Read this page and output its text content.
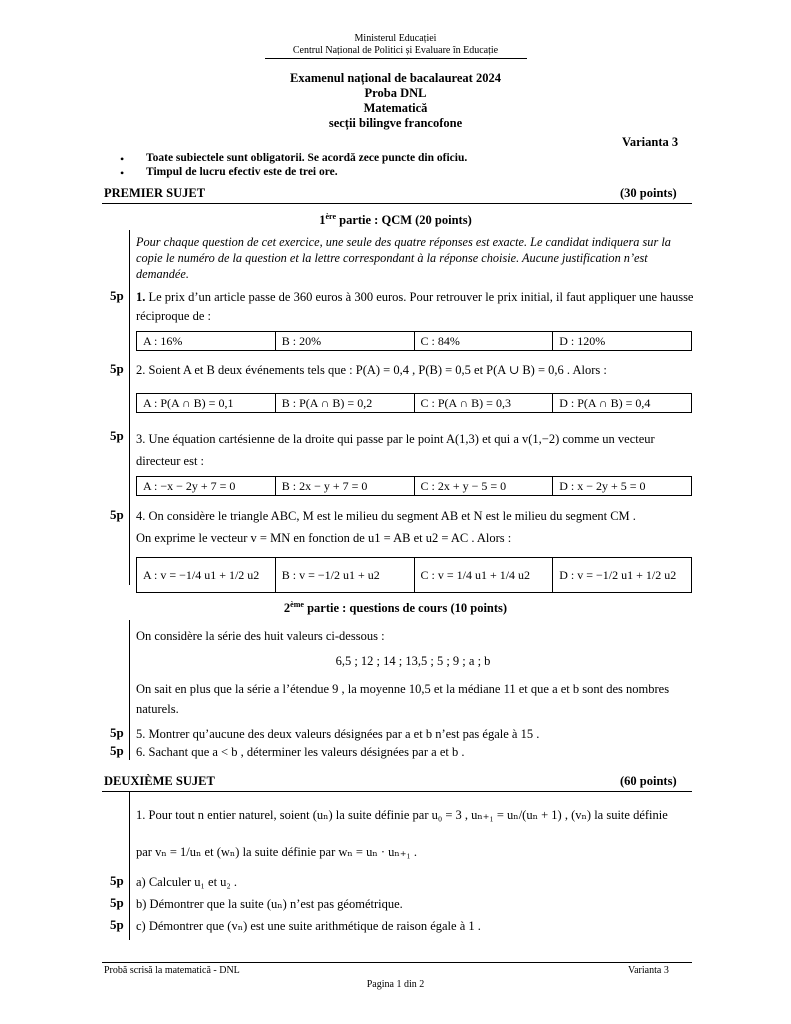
Ministerul Educației
Centrul Național de Politici și Evaluare în Educație
Examenul național de bacalaureat 2024
Proba DNL
Matematică
secții bilingve francofone
Varianta 3
• Toate subiectele sunt obligatorii. Se acordă zece puncte din oficiu.
• Timpul de lucru efectiv este de trei ore.
PREMIER SUJET	(30 points)
1ère partie : QCM (20 points)
Pour chaque question de cet exercice, une seule des quatre réponses est exacte. Le candidat indiquera sur la copie le numéro de la question et la lettre correspondant à la réponse choisie. Aucune justification n’est demandée.
5p 1. Le prix d’un article passe de 360 euros à 300 euros. Pour retrouver le prix initial, il faut appliquer une hausse réciproque de :
A : 16%	B : 20%	C : 84%	D : 120%
5p 2. Soient A et B deux événements tels que : P(A) = 0,4 , P(B) = 0,5 et P(A ∪ B) = 0,6 . Alors :
A : P(A ∩ B) = 0,1	B : P(A ∩ B) = 0,2	C : P(A ∩ B) = 0,3	D : P(A ∩ B) = 0,4
5p 3. Une équation cartésienne de la droite qui passe par le point A(1,3) et qui a v(1,−2) comme un vecteur directeur est :
A : −x − 2y + 7 = 0	B : 2x − y + 7 = 0	C : 2x + y − 5 = 0	D : x − 2y + 5 = 0
5p 4. On considère le triangle ABC, M est le milieu du segment AB et N est le milieu du segment CM .
On exprime le vecteur v = MN en fonction de u1 = AB et u2 = AC . Alors :
A : v = −1/4 u1 + 1/2 u2	B : v = −1/2 u1 + u2	C : v = 1/4 u1 + 1/4 u2	D : v = −1/2 u1 + 1/2 u2
2ème partie : questions de cours (10 points)
On considère la série des huit valeurs ci-dessous :
6,5 ; 12 ; 14 ; 13,5 ; 5 ; 9 ; a ; b
On sait en plus que la série a l’étendue 9 , la moyenne 10,5 et la médiane 11 et que a et b sont des nombres naturels.
5p 5. Montrer qu’aucune des deux valeurs désignées par a et b n’est pas égale à 15 .
5p 6. Sachant que a < b , déterminer les valeurs désignées par a et b .
DEUXIÈME SUJET	(60 points)
1. Pour tout n entier naturel, soient (uₙ) la suite définie par u₀ = 3 , uₙ₊₁ = uₙ/(uₙ + 1) , (vₙ) la suite définie
par vₙ = 1/uₙ et (wₙ) la suite définie par wₙ = uₙ · uₙ₊₁ .
5p a) Calculer u₁ et u₂ .
5p b) Démontrer que la suite (uₙ) n’est pas géométrique.
5p c) Démontrer que (vₙ) est une suite arithmétique de raison égale à 1 .
Probă scrisă la matematică - DNL	Varianta 3
Pagina 1 din 2
